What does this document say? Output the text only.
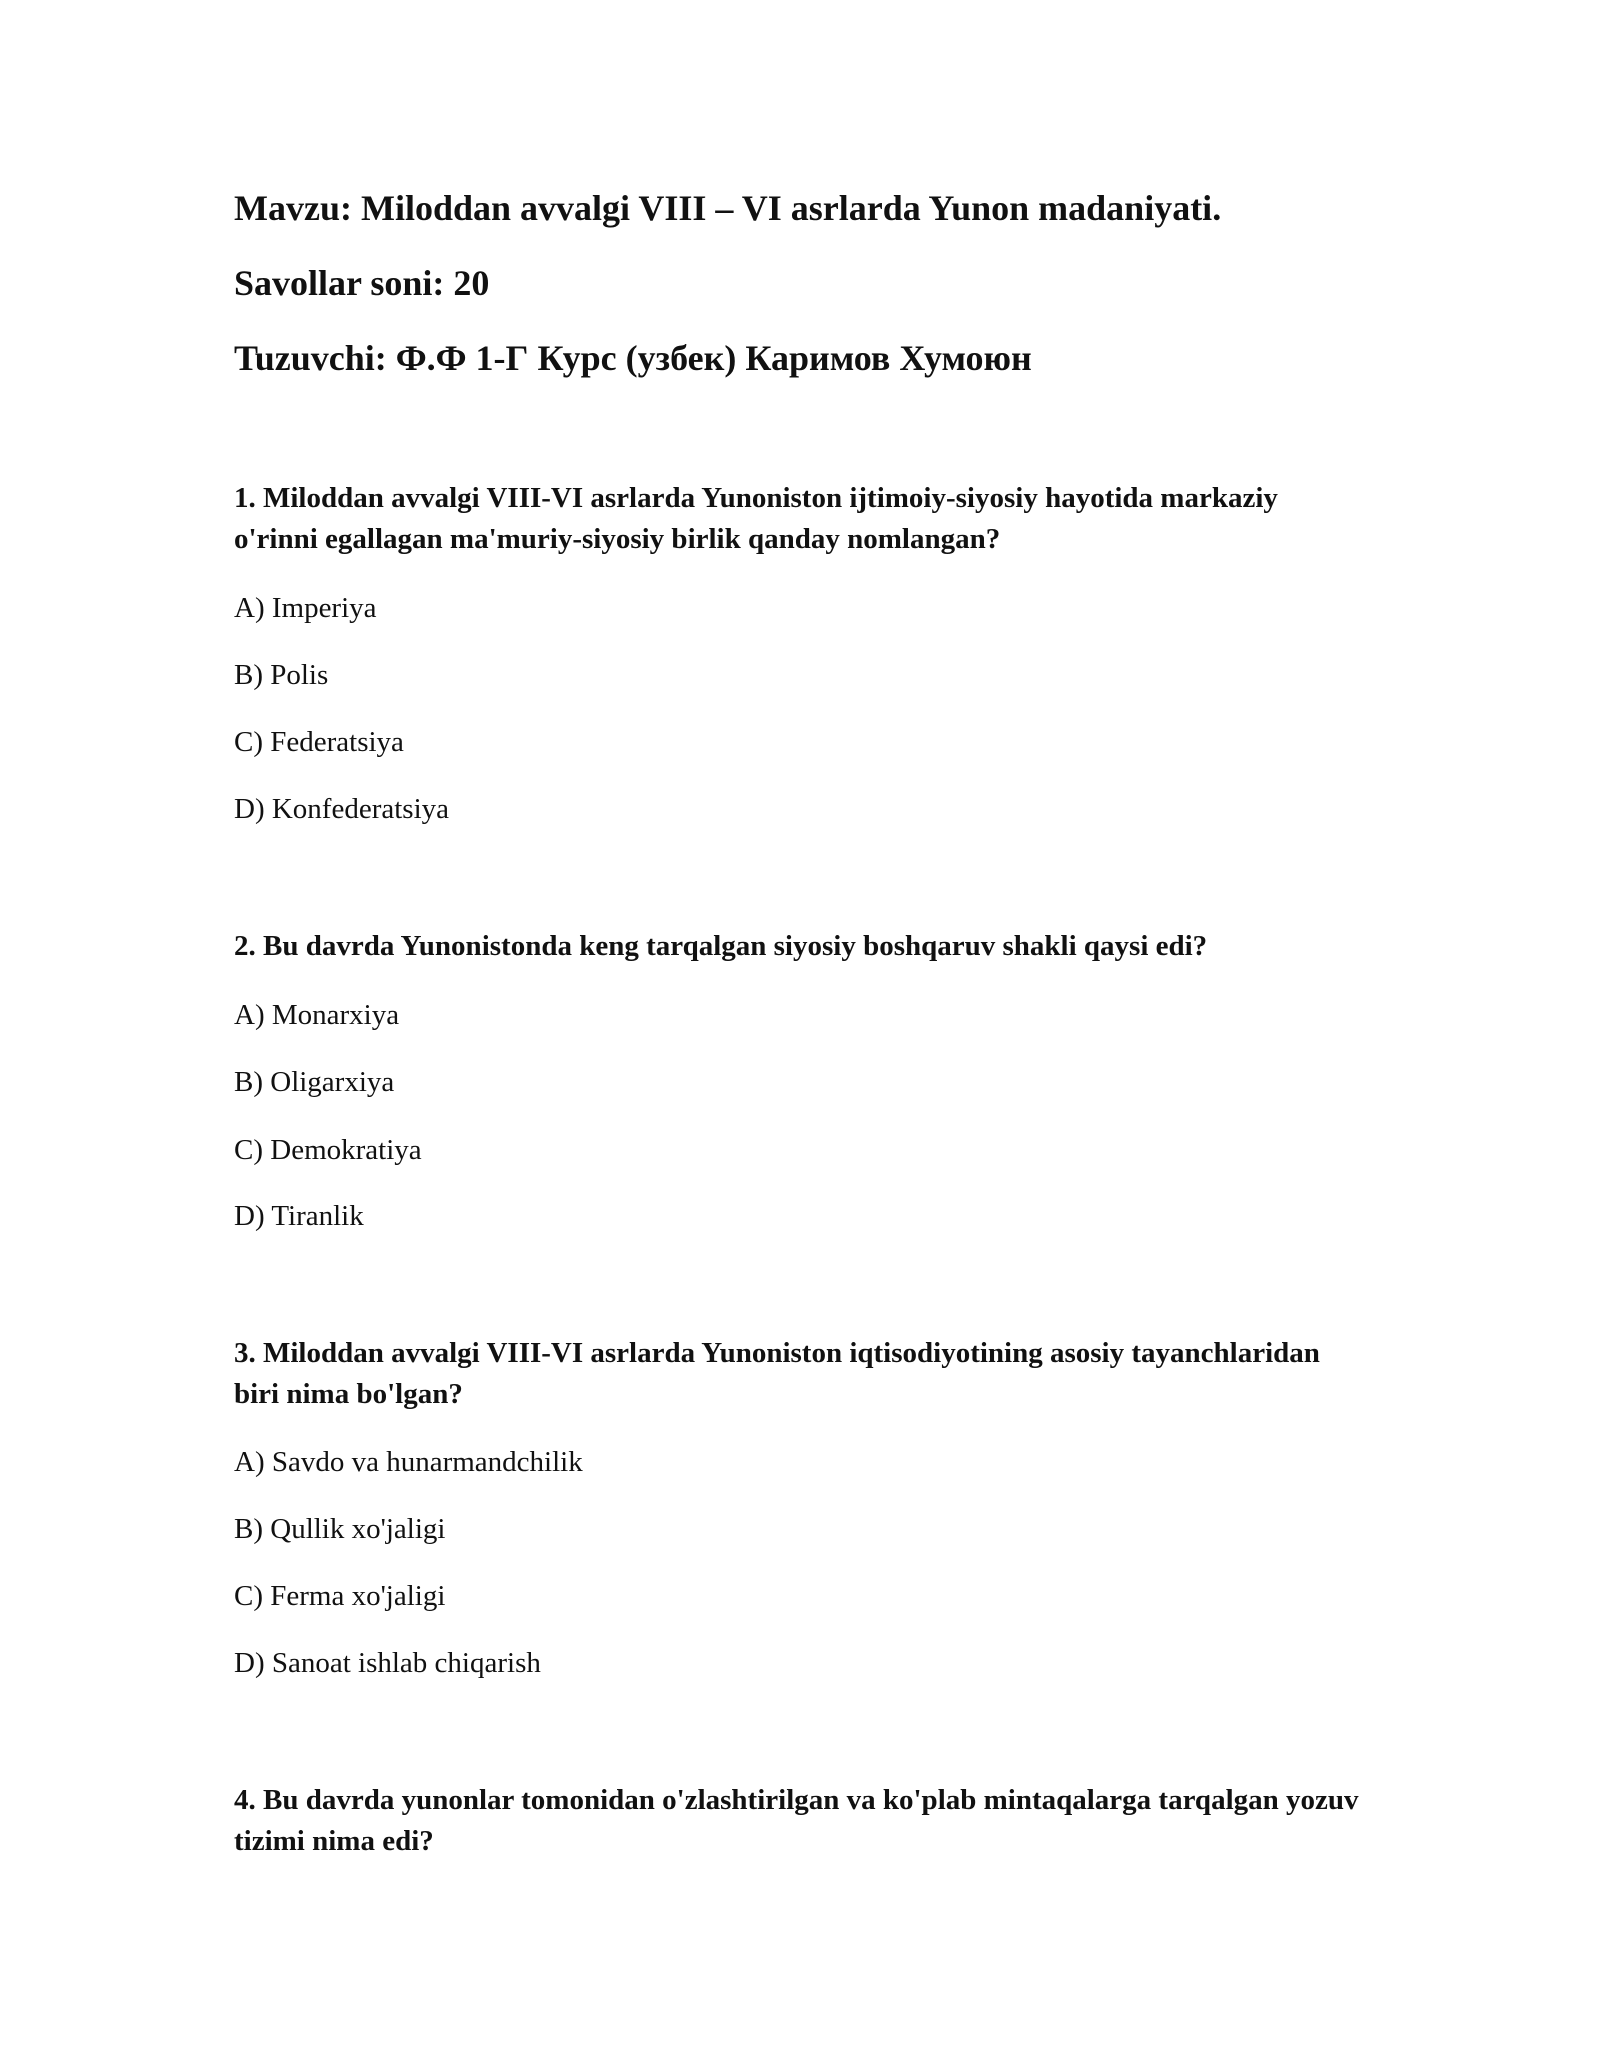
Mavzu: Miloddan avvalgi VIII – VI asrlarda Yunon madaniyati.
Savollar soni: 20
Tuzuvchi: Ф.Ф 1-Г Курс (узбек) Каримов Хумоюн
1. Miloddan avvalgi VIII-VI asrlarda Yunoniston ijtimoiy-siyosiy hayotida markaziy o'rinni egallagan ma'muriy-siyosiy birlik qanday nomlangan?
A) Imperiya
B) Polis
C) Federatsiya
D) Konfederatsiya
2. Bu davrda Yunonistonda keng tarqalgan siyosiy boshqaruv shakli qaysi edi?
A) Monarxiya
B) Oligarxiya
C) Demokratiya
D) Tiranlik
3. Miloddan avvalgi VIII-VI asrlarda Yunoniston iqtisodiyotining asosiy tayanchlaridan biri nima bo'lgan?
A) Savdo va hunarmandchilik
B) Qullik xo'jaligi
C) Ferma xo'jaligi
D) Sanoat ishlab chiqarish
4. Bu davrda yunonlar tomonidan o'zlashtirilgan va ko'plab mintaqalarga tarqalgan yozuv tizimi nima edi?
